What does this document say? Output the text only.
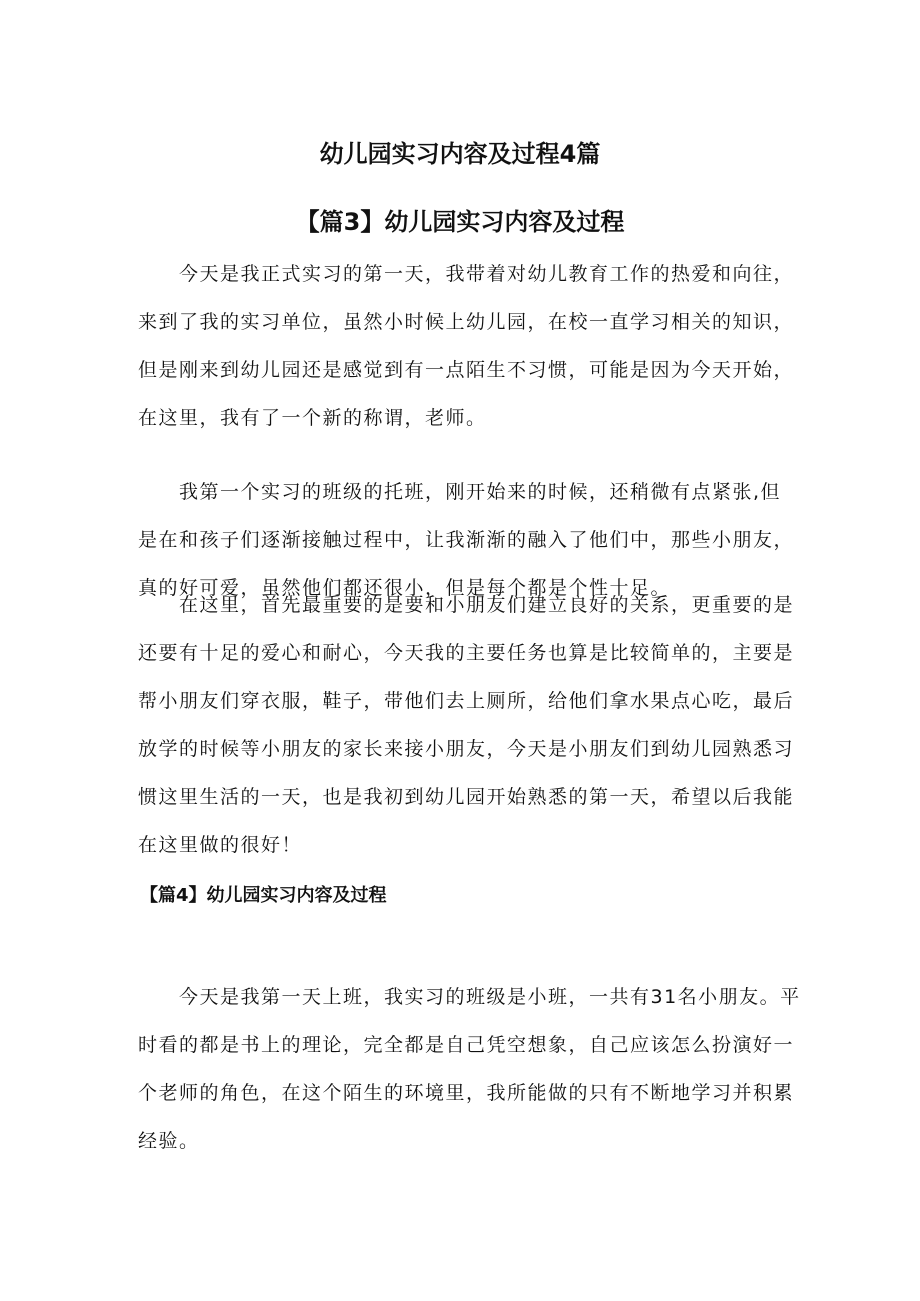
幼儿园实习内容及过程4篇
【篇3】幼儿园实习内容及过程

　　今天是我正式实习的第一天，我带着对幼儿教育工作的热爱和向往，
来到了我的实习单位，虽然小时候上幼儿园，在校一直学习相关的知识，
但是刚来到幼儿园还是感觉到有一点陌生不习惯，可能是因为今天开始，
在这里，我有了一个新的称谓，老师。

　　我第一个实习的班级的托班，刚开始来的时候，还稍微有点紧张,但
是在和孩子们逐渐接触过程中，让我渐渐的融入了他们中，那些小朋友，
真的好可爱，虽然他们都还很小，但是每个都是个性十足。

　　在这里，首先最重要的是要和小朋友们建立良好的关系，更重要的是
还要有十足的爱心和耐心，今天我的主要任务也算是比较简单的，主要是
帮小朋友们穿衣服，鞋子，带他们去上厕所，给他们拿水果点心吃，最后
放学的时候等小朋友的家长来接小朋友，今天是小朋友们到幼儿园熟悉习
惯这里生活的一天，也是我初到幼儿园开始熟悉的第一天，希望以后我能
在这里做的很好！

【篇4】幼儿园实习内容及过程

　　今天是我第一天上班，我实习的班级是小班，一共有31名小朋友。平
时看的都是书上的理论，完全都是自己凭空想象，自己应该怎么扮演好一
个老师的角色，在这个陌生的环境里，我所能做的只有不断地学习并积累
经验。
